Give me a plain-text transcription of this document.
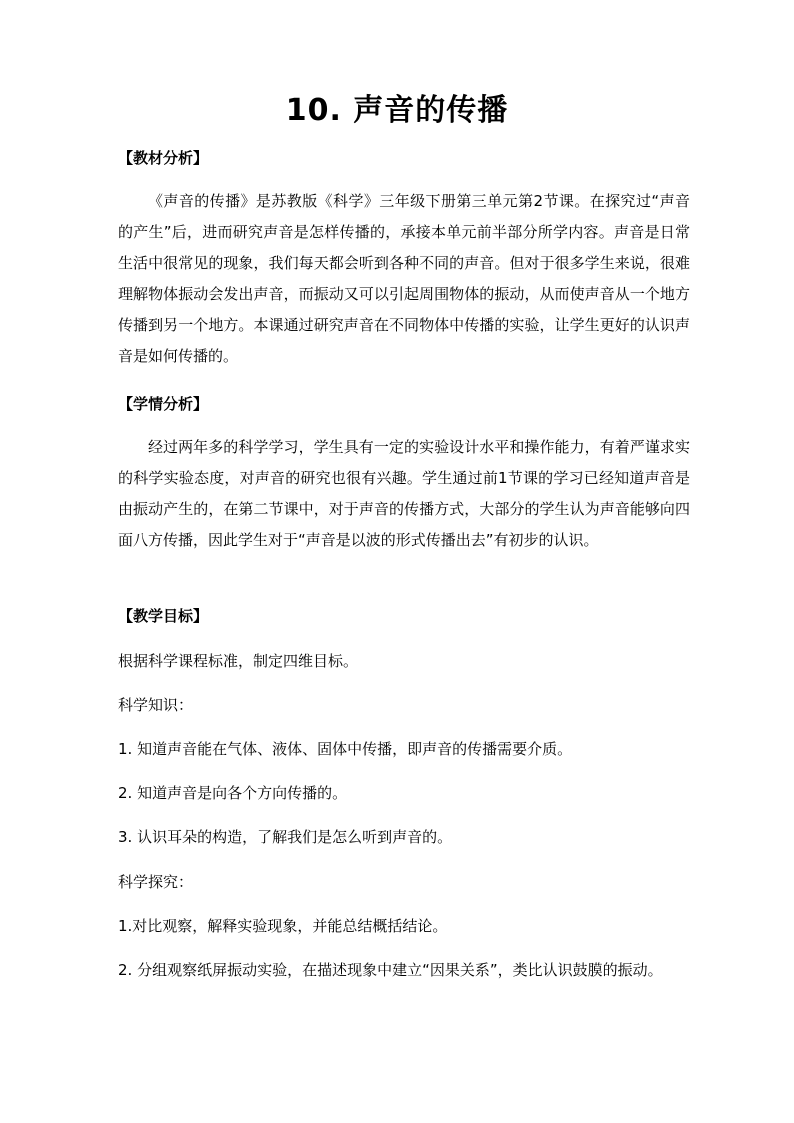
10. 声音的传播
【教材分析】

《声音的传播》是苏教版《科学》三年级下册第三单元第2节课。在探究过“声音的产生”后，进而研究声音是怎样传播的，承接本单元前半部分所学内容。声音是日常生活中很常见的现象，我们每天都会听到各种不同的声音。但对于很多学生来说，很难理解物体振动会发出声音，而振动又可以引起周围物体的振动，从而使声音从一个地方传播到另一个地方。本课通过研究声音在不同物体中传播的实验，让学生更好的认识声音是如何传播的。

【学情分析】

经过两年多的科学学习，学生具有一定的实验设计水平和操作能力，有着严谨求实的科学实验态度，对声音的研究也很有兴趣。学生通过前1节课的学习已经知道声音是由振动产生的，在第二节课中，对于声音的传播方式，大部分的学生认为声音能够向四面八方传播，因此学生对于“声音是以波的形式传播出去”有初步的认识。

【教学目标】

根据科学课程标准，制定四维目标。

科学知识：

1. 知道声音能在气体、液体、固体中传播，即声音的传播需要介质。

2. 知道声音是向各个方向传播的。

3. 认识耳朵的构造，了解我们是怎么听到声音的。

科学探究：

1.对比观察，解释实验现象，并能总结概括结论。

2. 分组观察纸屏振动实验，在描述现象中建立“因果关系”，类比认识鼓膜的振动。
